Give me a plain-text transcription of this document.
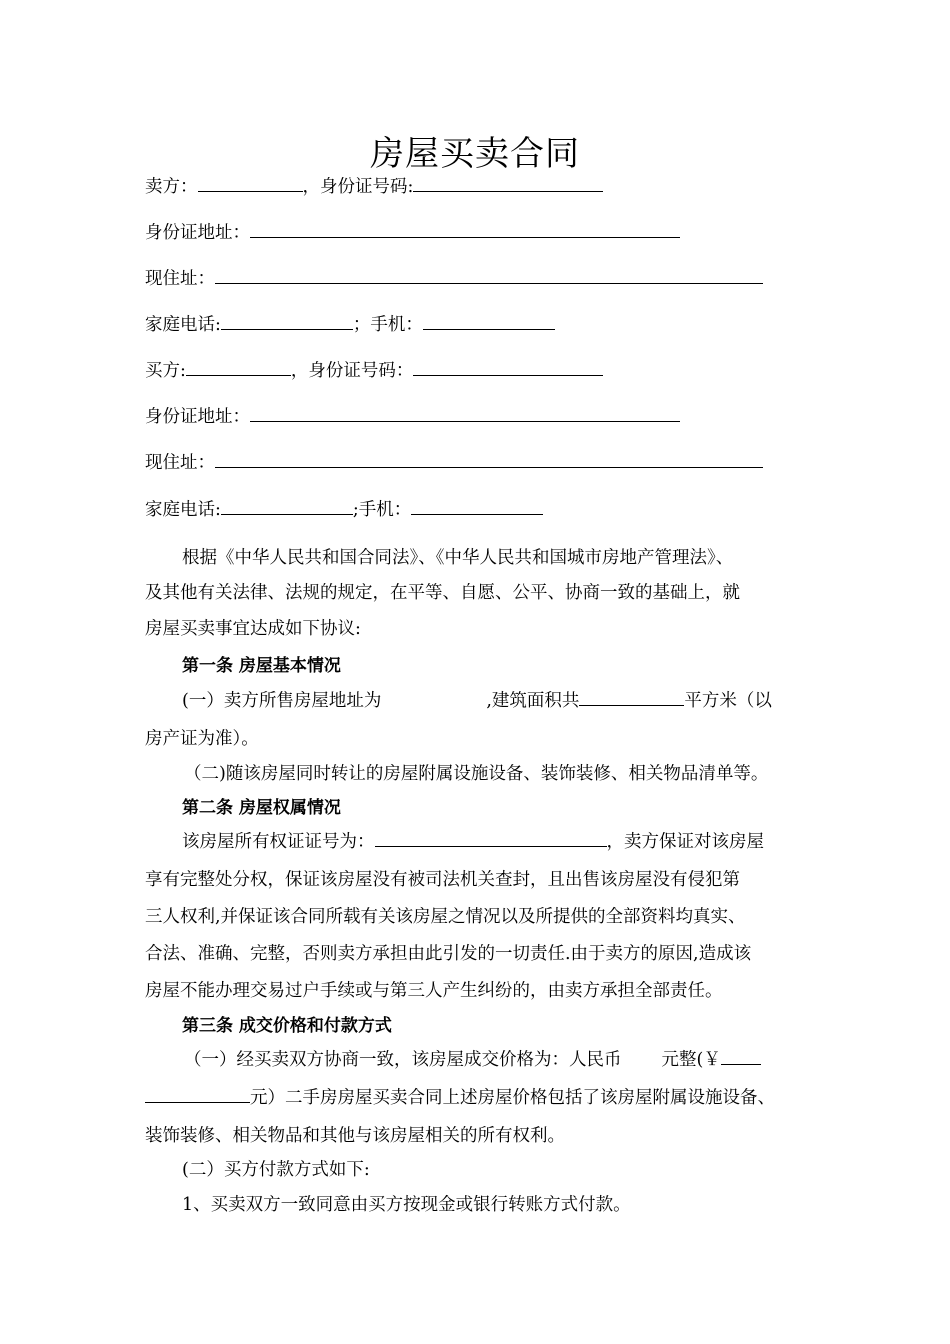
房屋买卖合同
卖方：	，身份证号码:
身份证地址：
现住址：
家庭电话:	；手机：
买方:	，身份证号码：
身份证地址：
现住址：
家庭电话:	;手机：
根据《中华人民共和国合同法》、《中华人民共和国城市房地产管理法》、
及其他有关法律、法规的规定，在平等、自愿、公平、协商一致的基础上，就
房屋买卖事宜达成如下协议:
第一条 房屋基本情况
(一）卖方所售房屋地址为	,建筑面积共	平方米（以
房产证为准）。
（二)随该房屋同时转让的房屋附属设施设备、装饰装修、相关物品清单等。
第二条 房屋权属情况
该房屋所有权证证号为：	，卖方保证对该房屋
享有完整处分权，保证该房屋没有被司法机关查封，且出售该房屋没有侵犯第
三人权利,并保证该合同所载有关该房屋之情况以及所提供的全部资料均真实、
合法、准确、完整，否则卖方承担由此引发的一切责任.由于卖方的原因,造成该
房屋不能办理交易过户手续或与第三人产生纠纷的，由卖方承担全部责任。
第三条 成交价格和付款方式
（一）经买卖双方协商一致，该房屋成交价格为：人民币 元整(￥
元）二手房房屋买卖合同上述房屋价格包括了该房屋附属设施设备、
装饰装修、相关物品和其他与该房屋相关的所有权利。
(二）买方付款方式如下:
1、买卖双方一致同意由买方按现金或银行转账方式付款。
